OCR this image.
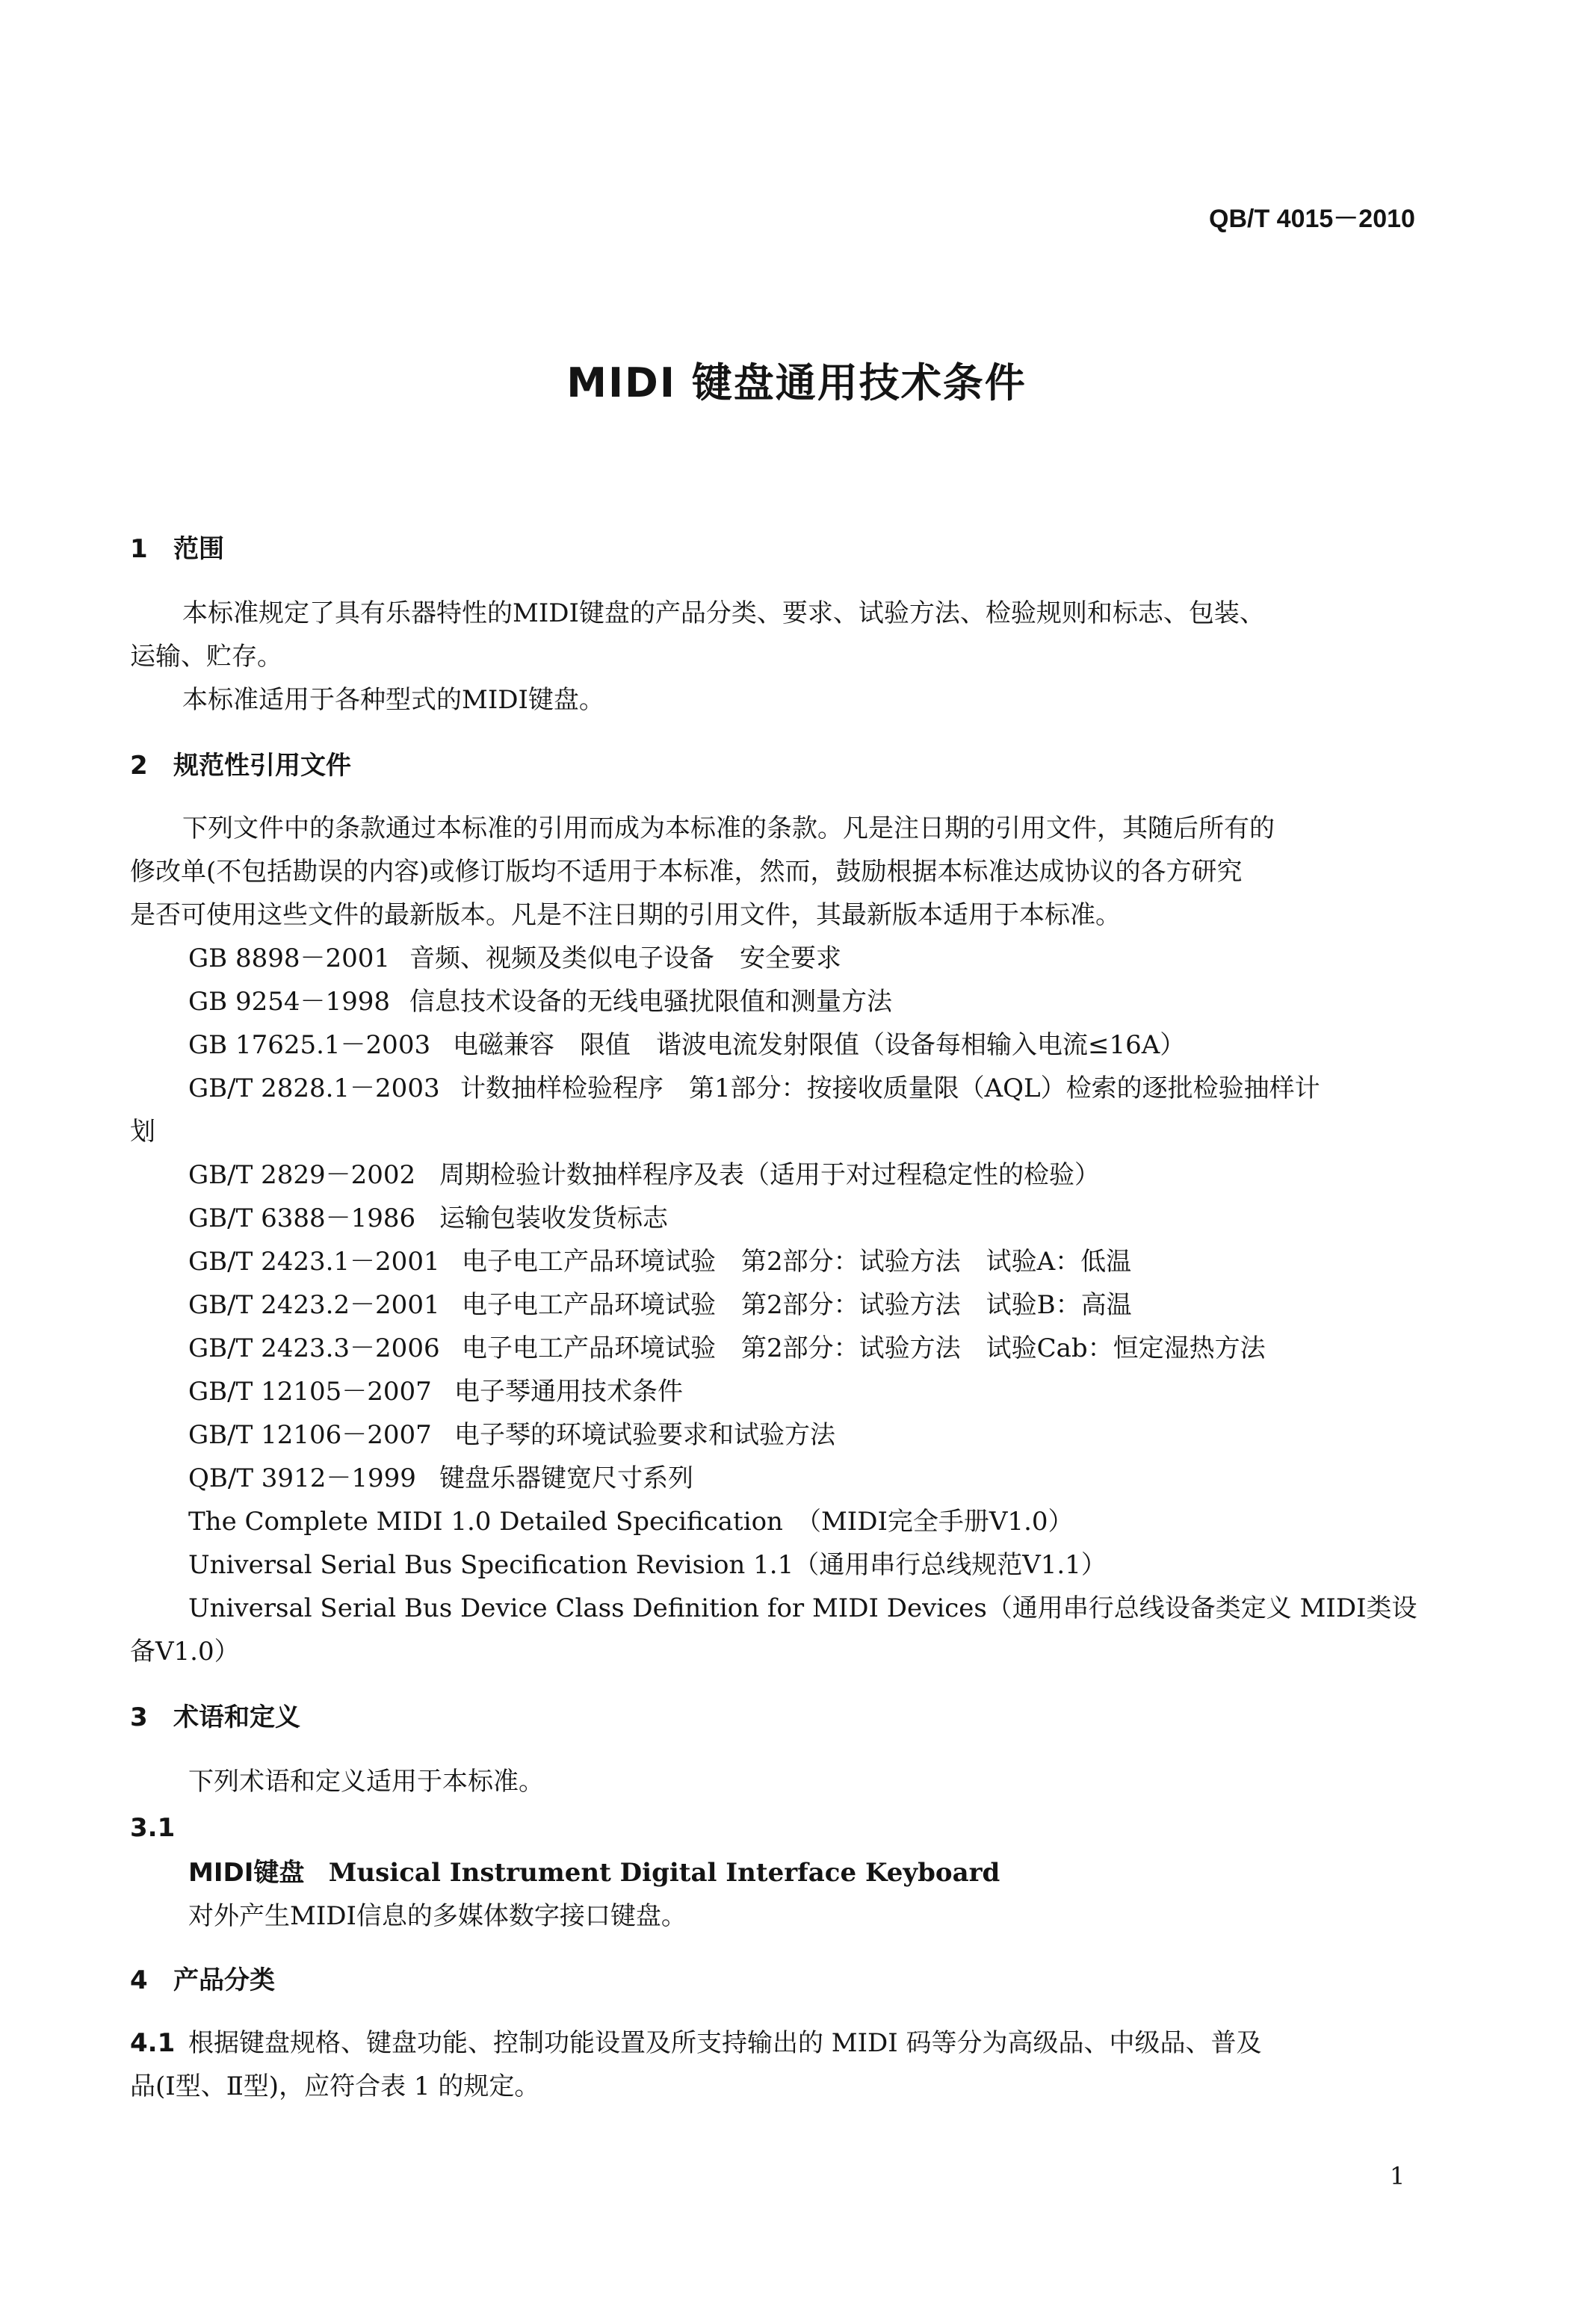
QB/T 4015－2010
MIDI 键盘通用技术条件
1 范围
本标准规定了具有乐器特性的MIDI键盘的产品分类、要求、试验方法、检验规则和标志、包装、
运输、贮存。
本标准适用于各种型式的MIDI键盘。
2 规范性引用文件
下列文件中的条款通过本标准的引用而成为本标准的条款。凡是注日期的引用文件，其随后所有的
修改单(不包括勘误的内容)或修订版均不适用于本标准，然而，鼓励根据本标准达成协议的各方研究
是否可使用这些文件的最新版本。凡是不注日期的引用文件，其最新版本适用于本标准。
GB 8898－2001 音频、视频及类似电子设备　安全要求
GB 9254－1998 信息技术设备的无线电骚扰限值和测量方法
GB 17625.1－2003 电磁兼容　限值　谐波电流发射限值（设备每相输入电流≤16A）
GB/T 2828.1－2003 计数抽样检验程序　第1部分：按接收质量限（AQL）检索的逐批检验抽样计
划
GB/T 2829－2002 周期检验计数抽样程序及表（适用于对过程稳定性的检验）
GB/T 6388－1986 运输包装收发货标志
GB/T 2423.1－2001 电子电工产品环境试验　第2部分：试验方法　试验A：低温
GB/T 2423.2－2001 电子电工产品环境试验　第2部分：试验方法　试验B：高温
GB/T 2423.3－2006 电子电工产品环境试验　第2部分：试验方法　试验Cab：恒定湿热方法
GB/T 12105－2007 电子琴通用技术条件
GB/T 12106－2007 电子琴的环境试验要求和试验方法
QB/T 3912－1999 键盘乐器键宽尺寸系列
The Complete MIDI 1.0 Detailed Specification　（MIDI完全手册V1.0）
Universal Serial Bus Specification Revision 1.1（通用串行总线规范V1.1）
Universal Serial Bus Device Class Definition for MIDI Devices（通用串行总线设备类定义 MIDI类设
备V1.0）
3 术语和定义
下列术语和定义适用于本标准。
3.1
MIDI键盘 Musical Instrument Digital Interface Keyboard
对外产生MIDI信息的多媒体数字接口键盘。
4 产品分类
4.1 根据键盘规格、键盘功能、控制功能设置及所支持输出的 MIDI 码等分为高级品、中级品、普及
品(Ⅰ型、Ⅱ型)，应符合表 1 的规定。
1
